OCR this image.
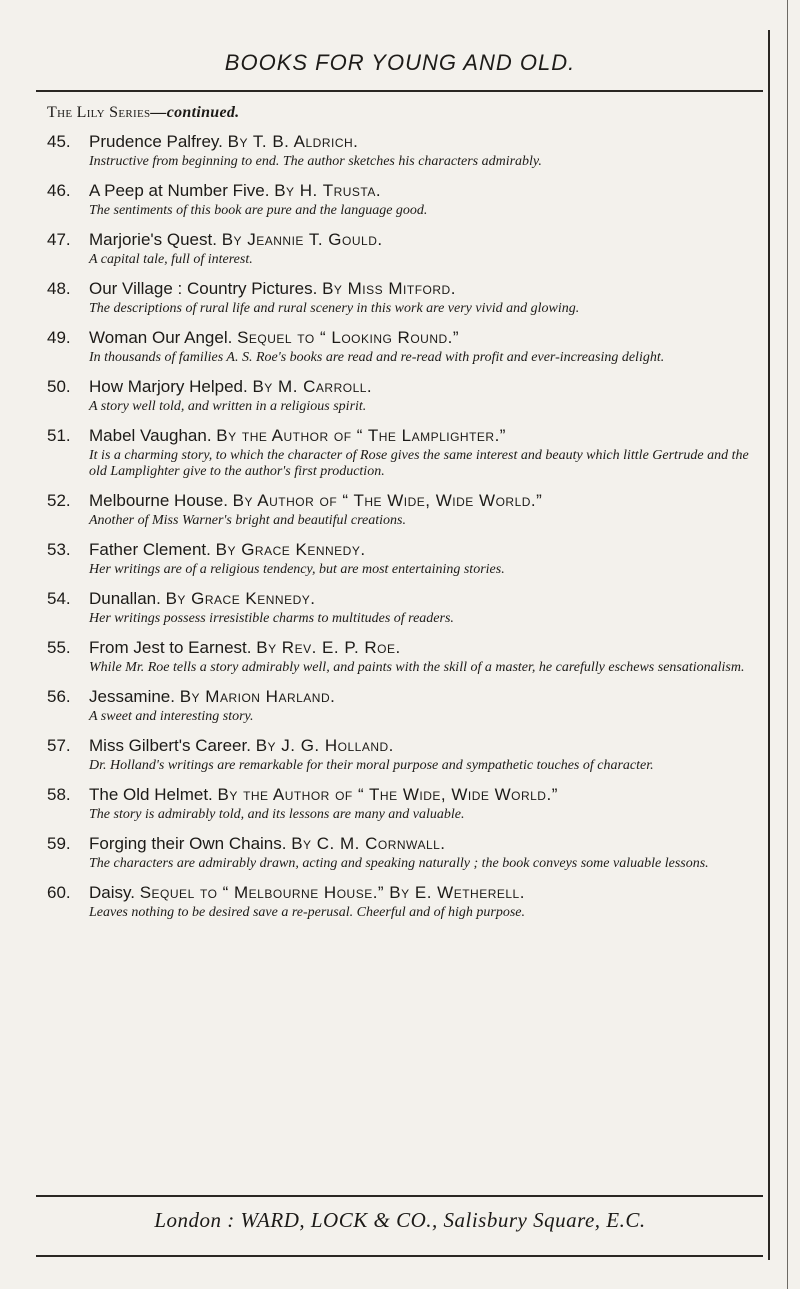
BOOKS FOR YOUNG AND OLD.
The Lily Series—continued.
45.	Prudence Palfrey. By T. B. Aldrich.
Instructive from beginning to end. The author sketches his characters admirably.
46.	A Peep at Number Five. By H. Trusta.
The sentiments of this book are pure and the language good.
47.	Marjorie's Quest. By Jeannie T. Gould.
A capital tale, full of interest.
48.	Our Village : Country Pictures. By Miss Mitford.
The descriptions of rural life and rural scenery in this work are very vivid and glowing.
49.	Woman Our Angel. Sequel to “ Looking Round.”
In thousands of families A. S. Roe's books are read and re-read with profit and ever-increasing delight.
50.	How Marjory Helped. By M. Carroll.
A story well told, and written in a religious spirit.
51.	Mabel Vaughan. By the Author of “ The Lamplighter.”
It is a charming story, to which the character of Rose gives the same interest and beauty which little Gertrude and the old Lamplighter give to the author's first production.
52.	Melbourne House. By Author of “ The Wide, Wide World.”
Another of Miss Warner's bright and beautiful creations.
53.	Father Clement. By Grace Kennedy.
Her writings are of a religious tendency, but are most entertaining stories.
54.	Dunallan. By Grace Kennedy.
Her writings possess irresistible charms to multitudes of readers.
55.	From Jest to Earnest. By Rev. E. P. Roe.
While Mr. Roe tells a story admirably well, and paints with the skill of a master, he carefully eschews sensationalism.
56.	Jessamine. By Marion Harland.
A sweet and interesting story.
57.	Miss Gilbert's Career. By J. G. Holland.
Dr. Holland's writings are remarkable for their moral purpose and sympathetic touches of character.
58.	The Old Helmet. By the Author of “ The Wide, Wide World.”
The story is admirably told, and its lessons are many and valuable.
59.	Forging their Own Chains. By C. M. Cornwall.
The characters are admirably drawn, acting and speaking naturally ; the book conveys some valuable lessons.
60.	Daisy. Sequel to “ Melbourne House.” By E. Wetherell.
Leaves nothing to be desired save a re-perusal. Cheerful and of high purpose.
London : WARD, LOCK & CO., Salisbury Square, E.C.
